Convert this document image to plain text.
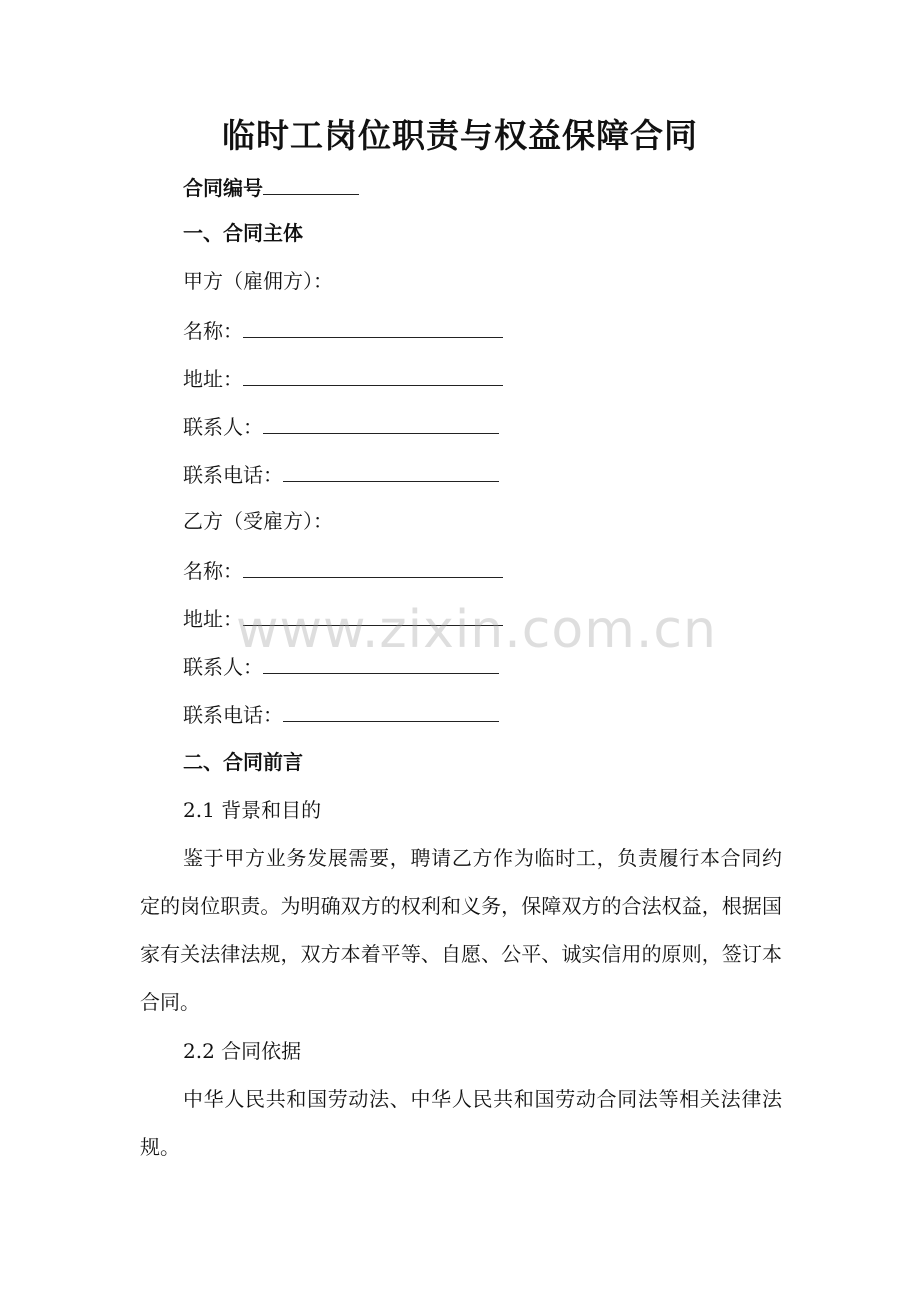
临时工岗位职责与权益保障合同
合同编号
一、合同主体
甲方（雇佣方）：
名称：
地址：
联系人：
联系电话：
乙方（受雇方）：
名称：
地址：
联系人：
联系电话：
二、合同前言
2.1 背景和目的
鉴于甲方业务发展需要，聘请乙方作为临时工，负责履行本合同约定的岗位职责。为明确双方的权利和义务，保障双方的合法权益，根据国家有关法律法规，双方本着平等、自愿、公平、诚实信用的原则，签订本合同。
2.2 合同依据
中华人民共和国劳动法、中华人民共和国劳动合同法等相关法律法规。
www.zixin.com.cn
